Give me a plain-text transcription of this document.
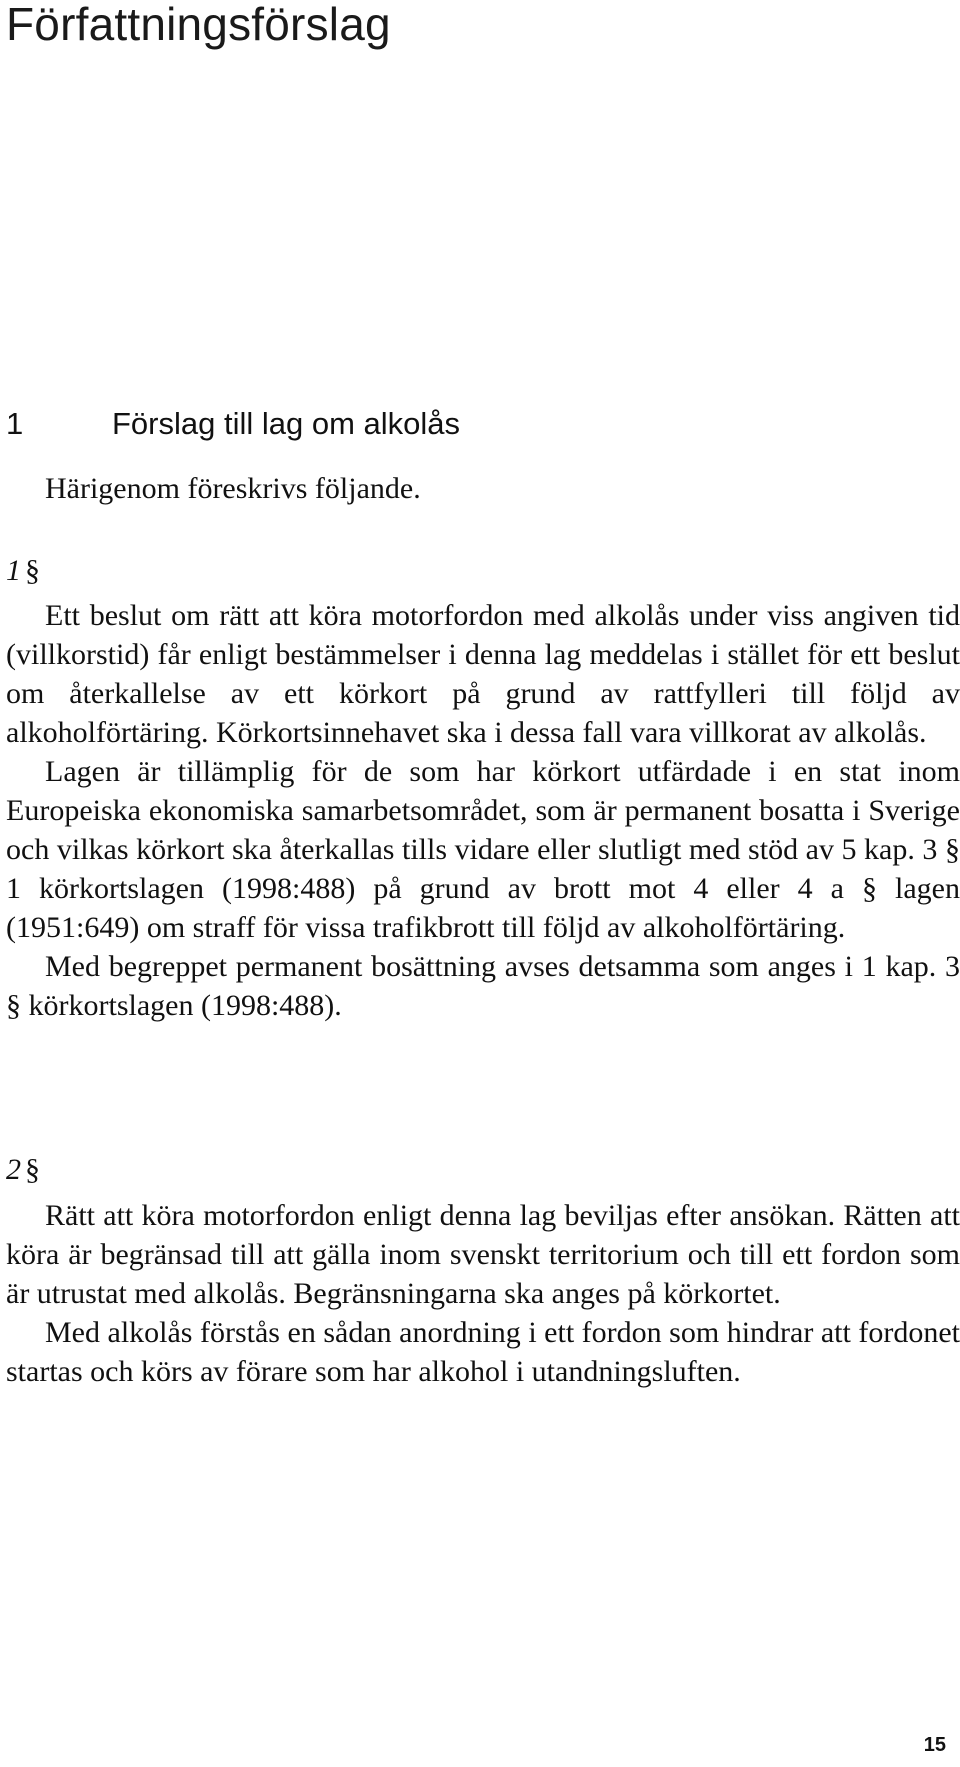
Författningsförslag
1	Förslag till lag om alkolås
Härigenom föreskrivs följande.
1 §

Ett beslut om rätt att köra motorfordon med alkolås under viss angiven tid (villkorstid) får enligt bestämmelser i denna lag meddelas i stället för ett beslut om återkallelse av ett körkort på grund av rattfylleri till följd av alkoholförtäring. Körkortsinnehavet ska i dessa fall vara villkorat av alkolås.

Lagen är tillämplig för de som har körkort utfärdade i en stat inom Europeiska ekonomiska samarbetsområdet, som är permanent bosatta i Sverige och vilkas körkort ska återkallas tills vidare eller slutligt med stöd av 5 kap. 3 § 1 körkortslagen (1998:488) på grund av brott mot 4 eller 4 a § lagen (1951:649) om straff för vissa trafikbrott till följd av alkoholförtäring.

Med begreppet permanent bosättning avses detsamma som anges i 1 kap. 3 § körkortslagen (1998:488).

2 §

Rätt att köra motorfordon enligt denna lag beviljas efter ansökan. Rätten att köra är begränsad till att gälla inom svenskt territorium och till ett fordon som är utrustat med alkolås. Begränsningarna ska anges på körkortet.

Med alkolås förstås en sådan anordning i ett fordon som hindrar att fordonet startas och körs av förare som har alkohol i utandningsluften.

15
